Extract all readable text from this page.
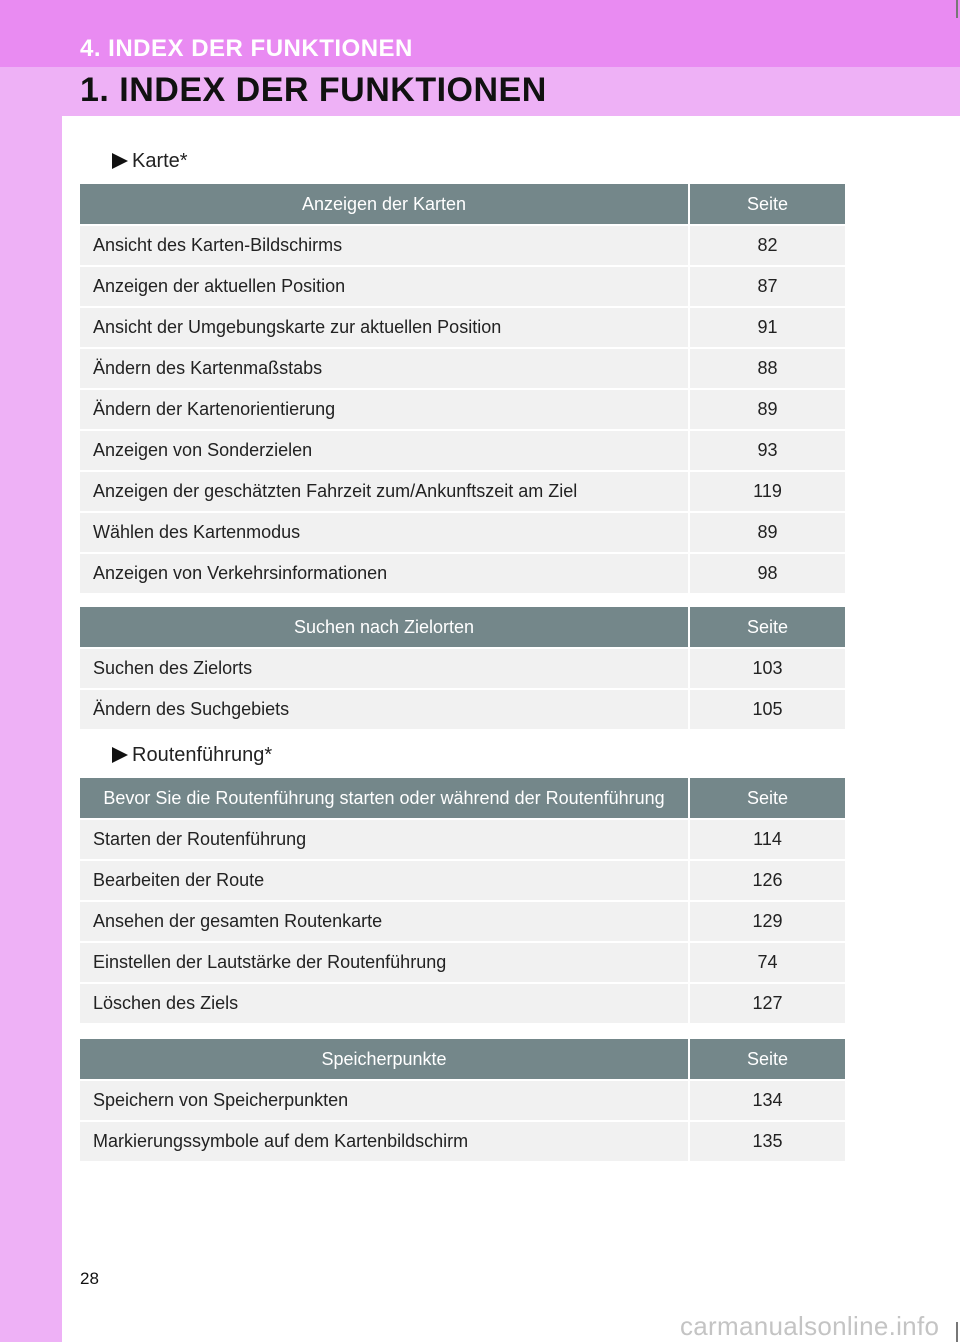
4. INDEX DER FUNKTIONEN
1. INDEX DER FUNKTIONEN
Karte*
Anzeigen der Karten	Seite
Ansicht des Karten-Bildschirms	82
Anzeigen der aktuellen Position	87
Ansicht der Umgebungskarte zur aktuellen Position	91
Ändern des Kartenmaßstabs	88
Ändern der Kartenorientierung	89
Anzeigen von Sonderzielen	93
Anzeigen der geschätzten Fahrzeit zum/Ankunftszeit am Ziel	119
Wählen des Kartenmodus	89
Anzeigen von Verkehrsinformationen	98
Suchen nach Zielorten	Seite
Suchen des Zielorts	103
Ändern des Suchgebiets	105
Routenführung*
Bevor Sie die Routenführung starten oder während der Routenführung	Seite
Starten der Routenführung	114
Bearbeiten der Route	126
Ansehen der gesamten Routenkarte	129
Einstellen der Lautstärke der Routenführung	74
Löschen des Ziels	127
Speicherpunkte	Seite
Speichern von Speicherpunkten	134
Markierungssymbole auf dem Kartenbildschirm	135
28
carmanualsonline.info
